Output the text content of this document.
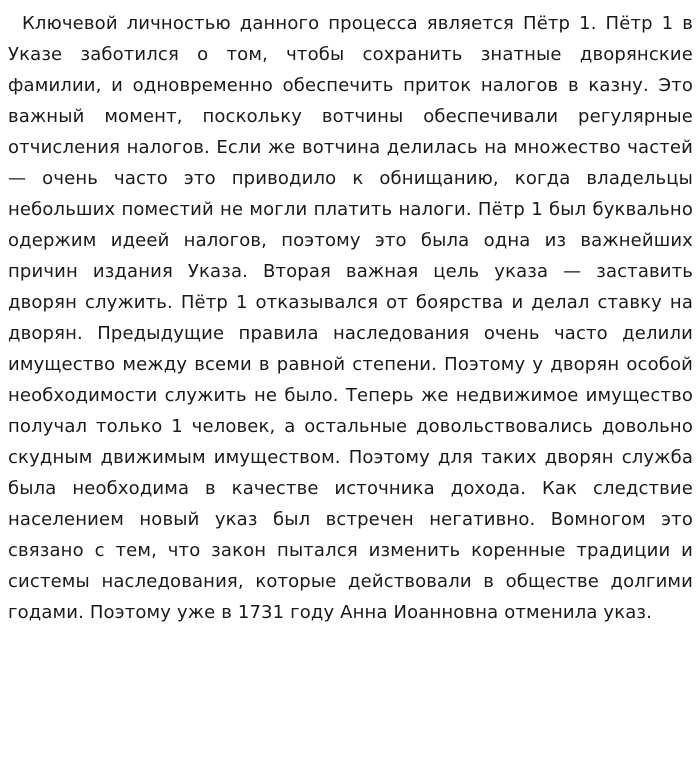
Ключевой личностью данного процесса является Пётр 1. Пётр 1 в Указе заботился о том, чтобы сохранить знатные дворянские фамилии, и одновременно обеспечить приток налогов в казну. Это важный момент, поскольку вотчины обеспечивали регулярные отчисления налогов. Если же вотчина делилась на множество частей — очень часто это приводило к обнищанию, когда владельцы небольших поместий не могли платить налоги. Пётр 1 был буквально одержим идеей налогов, поэтому это была одна из важнейших причин издания Указа. Вторая важная цель указа — заставить дворян служить. Пётр 1 отказывался от боярства и делал ставку на дворян. Предыдущие правила наследования очень часто делили имущество между всеми в равной степени. Поэтому у дворян особой необходимости служить не было. Теперь же недвижимое имущество получал только 1 человек, а остальные довольствовались довольно скудным движимым имуществом. Поэтому для таких дворян служба была необходима в качестве источника дохода. Как следствие населением новый указ был встречен негативно. Вомногом это связано с тем, что закон пытался изменить коренные традиции и системы наследования, которые действовали в обществе долгими годами. Поэтому уже в 1731 году Анна Иоанновна отменила указ.
